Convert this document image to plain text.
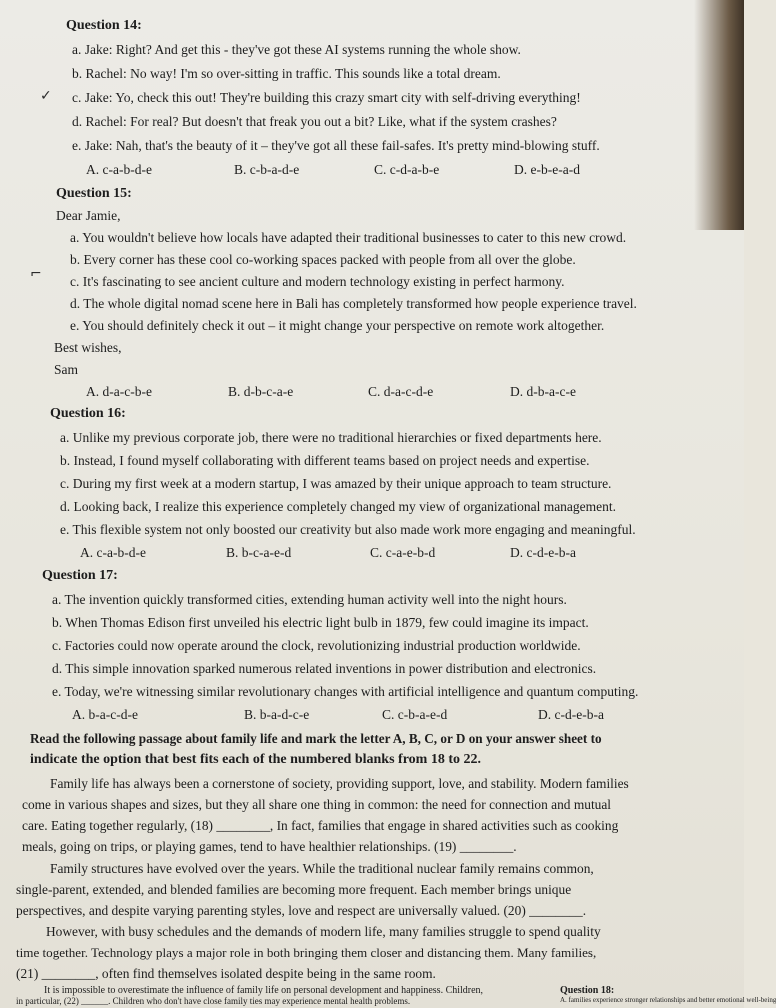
Question 14:
a. Jake: Right? And get this - they've got these AI systems running the whole show.
b. Rachel: No way! I'm so over-sitting in traffic. This sounds like a total dream.
c. Jake: Yo, check this out! They're building this crazy smart city with self-driving everything!
d. Rachel: For real? But doesn't that freak you out a bit? Like, what if the system crashes?
e. Jake: Nah, that's the beauty of it – they've got all these fail-safes. It's pretty mind-blowing stuff.
A. c-a-b-d-e	B. c-b-a-d-e	C. c-d-a-b-e	D. e-b-e-a-d
Question 15:
Dear Jamie,
a. You wouldn't believe how locals have adapted their traditional businesses to cater to this new crowd.
b. Every corner has these cool co-working spaces packed with people from all over the globe.
c. It's fascinating to see ancient culture and modern technology existing in perfect harmony.
d. The whole digital nomad scene here in Bali has completely transformed how people experience travel.
e. You should definitely check it out – it might change your perspective on remote work altogether.
Best wishes,
Sam
A. d-a-c-b-e	B. d-b-c-a-e	C. d-a-c-d-e	D. d-b-a-c-e
Question 16:
a. Unlike my previous corporate job, there were no traditional hierarchies or fixed departments here.
b. Instead, I found myself collaborating with different teams based on project needs and expertise.
c. During my first week at a modern startup, I was amazed by their unique approach to team structure.
d. Looking back, I realize this experience completely changed my view of organizational management.
e. This flexible system not only boosted our creativity but also made work more engaging and meaningful.
A. c-a-b-d-e	B. b-c-a-e-d	C. c-a-e-b-d	D. c-d-e-b-a
Question 17:
a. The invention quickly transformed cities, extending human activity well into the night hours.
b. When Thomas Edison first unveiled his electric light bulb in 1879, few could imagine its impact.
c. Factories could now operate around the clock, revolutionizing industrial production worldwide.
d. This simple innovation sparked numerous related inventions in power distribution and electronics.
e. Today, we're witnessing similar revolutionary changes with artificial intelligence and quantum computing.
A. b-a-c-d-e	B. b-a-d-c-e	C. c-b-a-e-d	D. c-d-e-b-a
Read the following passage about family life and mark the letter A, B, C, or D on your answer sheet to
indicate the option that best fits each of the numbered blanks from 18 to 22.
Family life has always been a cornerstone of society, providing support, love, and stability. Modern families
come in various shapes and sizes, but they all share one thing in common: the need for connection and mutual
care. Eating together regularly, (18) ________, In fact, families that engage in shared activities such as cooking
meals, going on trips, or playing games, tend to have healthier relationships. (19) ________.
Family structures have evolved over the years. While the traditional nuclear family remains common,
single-parent, extended, and blended families are becoming more frequent. Each member brings unique
perspectives, and despite varying parenting styles, love and respect are universally valued. (20) ________.
However, with busy schedules and the demands of modern life, many families struggle to spend quality
time together. Technology plays a major role in both bringing them closer and distancing them. Many families,
(21) ________, often find themselves isolated despite being in the same room.
It is impossible to overestimate the influence of family life on personal development and happiness. Children,
in particular, (22) ______. Children who don't have close family ties may experience mental health problems.
Question 18:
A. families experience stronger relationships and better emotional well-being
✓
⌐
